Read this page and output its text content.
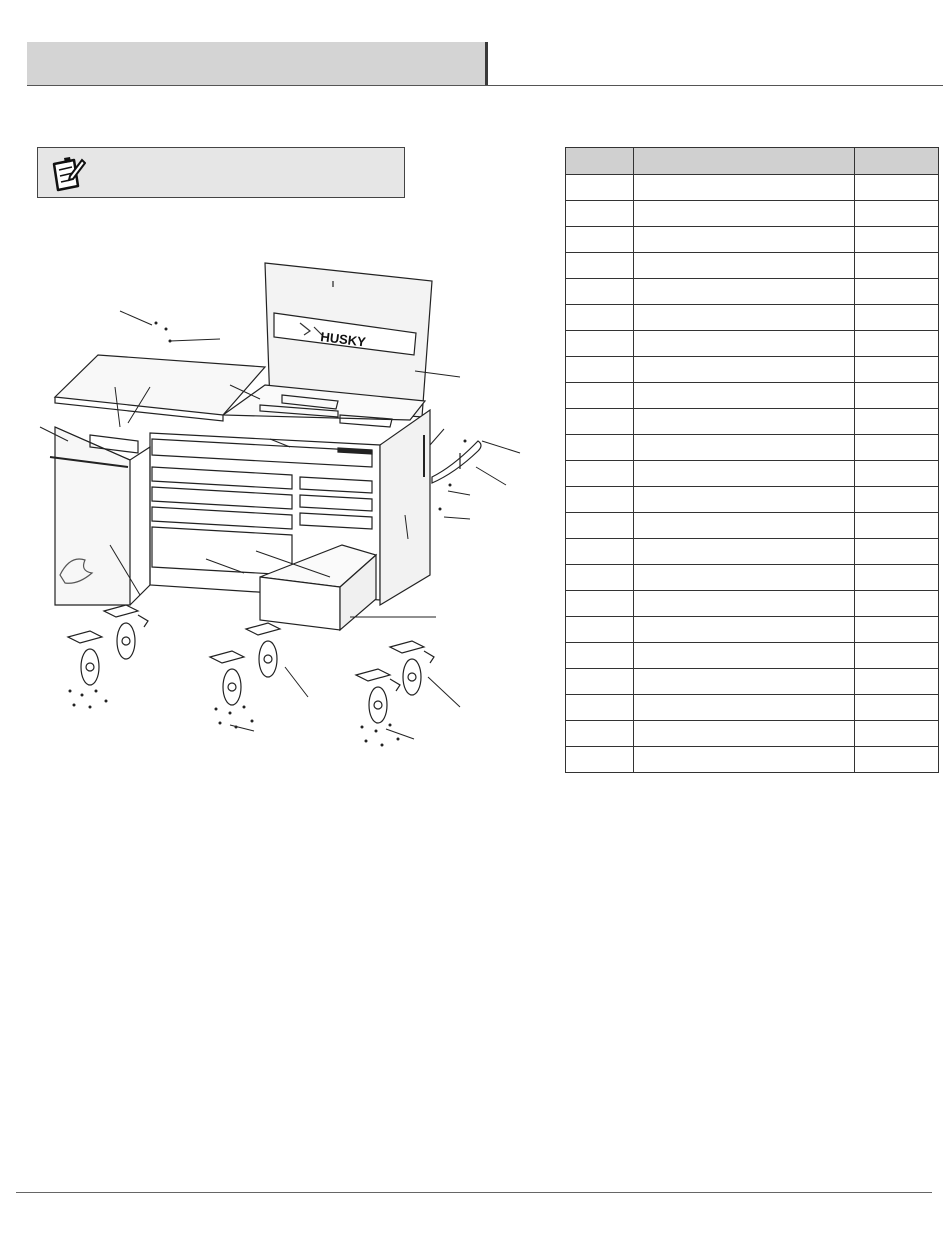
HUSKY
